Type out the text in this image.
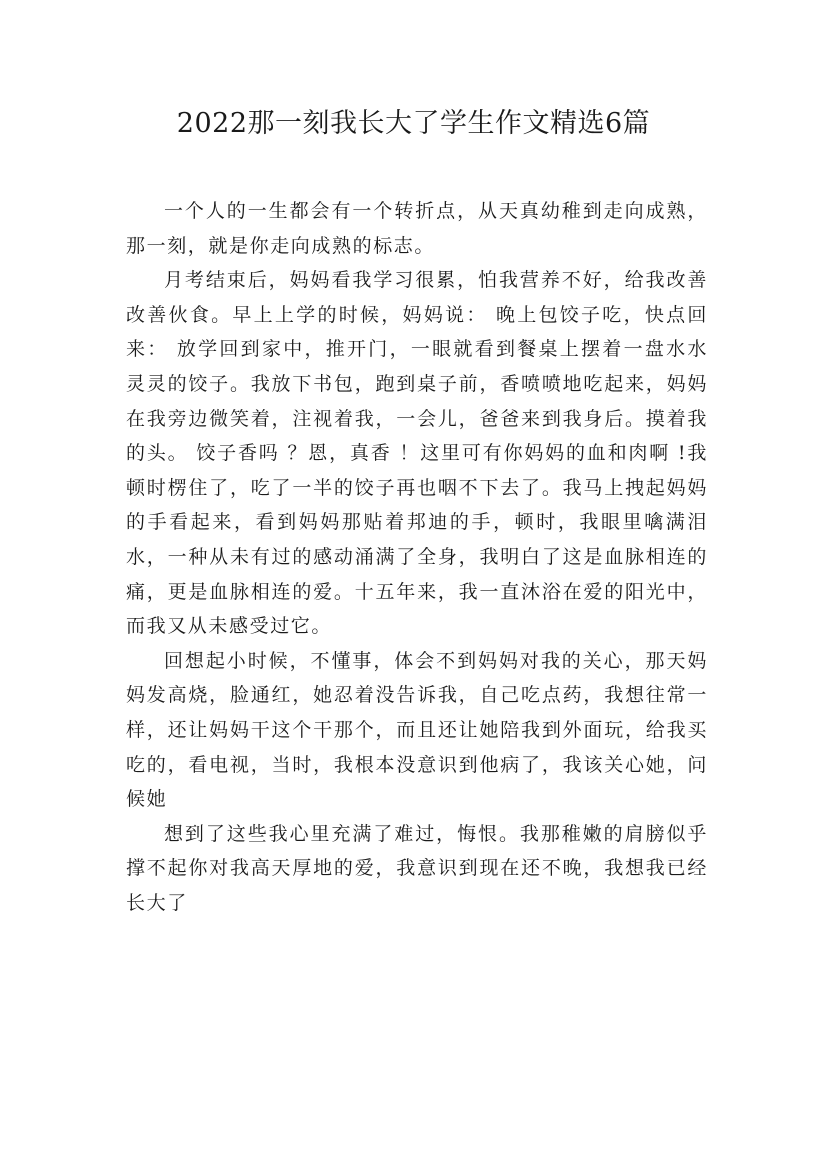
2022那一刻我长大了学生作文精选6篇

一个人的一生都会有一个转折点，从天真幼稚到走向成熟，那一刻，就是你走向成熟的标志。

月考结束后，妈妈看我学习很累，怕我营养不好，给我改善改善伙食。早上上学的时候，妈妈说： 晚上包饺子吃，快点回来： 放学回到家中，推开门，一眼就看到餐桌上摆着一盘水水灵灵的饺子。我放下书包，跑到桌子前，香喷喷地吃起来，妈妈在我旁边微笑着，注视着我，一会儿，爸爸来到我身后。摸着我的头。 饺子香吗 ？恩，真香 ！这里可有你妈妈的血和肉啊 !我顿时楞住了，吃了一半的饺子再也咽不下去了。我马上拽起妈妈的手看起来，看到妈妈那贴着邦迪的手，顿时，我眼里噙满泪水，一种从未有过的感动涌满了全身，我明白了这是血脉相连的痛，更是血脉相连的爱。十五年来，我一直沐浴在爱的阳光中，而我又从未感受过它。

回想起小时候，不懂事，体会不到妈妈对我的关心，那天妈妈发高烧，脸通红，她忍着没告诉我，自己吃点药，我想往常一样，还让妈妈干这个干那个，而且还让她陪我到外面玩，给我买吃的，看电视，当时，我根本没意识到他病了，我该关心她，问候她

想到了这些我心里充满了难过，悔恨。我那稚嫩的肩膀似乎撑不起你对我高天厚地的爱，我意识到现在还不晚，我想我已经长大了
